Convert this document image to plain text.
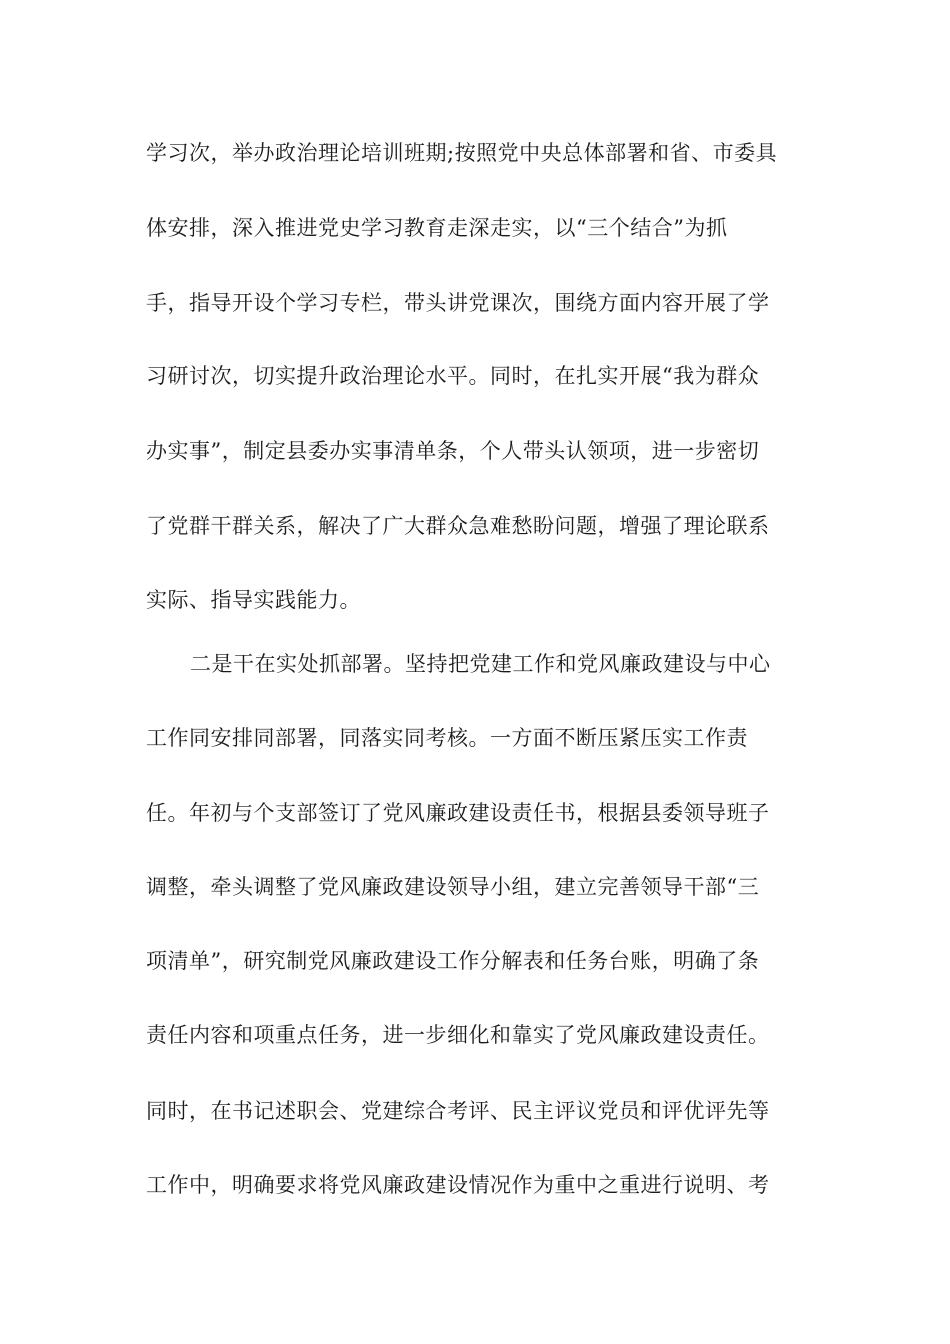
学习次，举办政治理论培训班期;按照党中央总体部署和省、市委具
体安排，深入推进党史学习教育走深走实，以“三个结合”为抓
手，指导开设个学习专栏，带头讲党课次，围绕方面内容开展了学
习研讨次，切实提升政治理论水平。同时，在扎实开展“我为群众
办实事”，制定县委办实事清单条，个人带头认领项，进一步密切
了党群干群关系，解决了广大群众急难愁盼问题，增强了理论联系
实际、指导实践能力。
二是干在实处抓部署。坚持把党建工作和党风廉政建设与中心
工作同安排同部署，同落实同考核。一方面不断压紧压实工作责
任。年初与个支部签订了党风廉政建设责任书，根据县委领导班子
调整，牵头调整了党风廉政建设领导小组，建立完善领导干部“三
项清单”，研究制党风廉政建设工作分解表和任务台账，明确了条
责任内容和项重点任务，进一步细化和靠实了党风廉政建设责任。
同时，在书记述职会、党建综合考评、民主评议党员和评优评先等
工作中，明确要求将党风廉政建设情况作为重中之重进行说明、考
